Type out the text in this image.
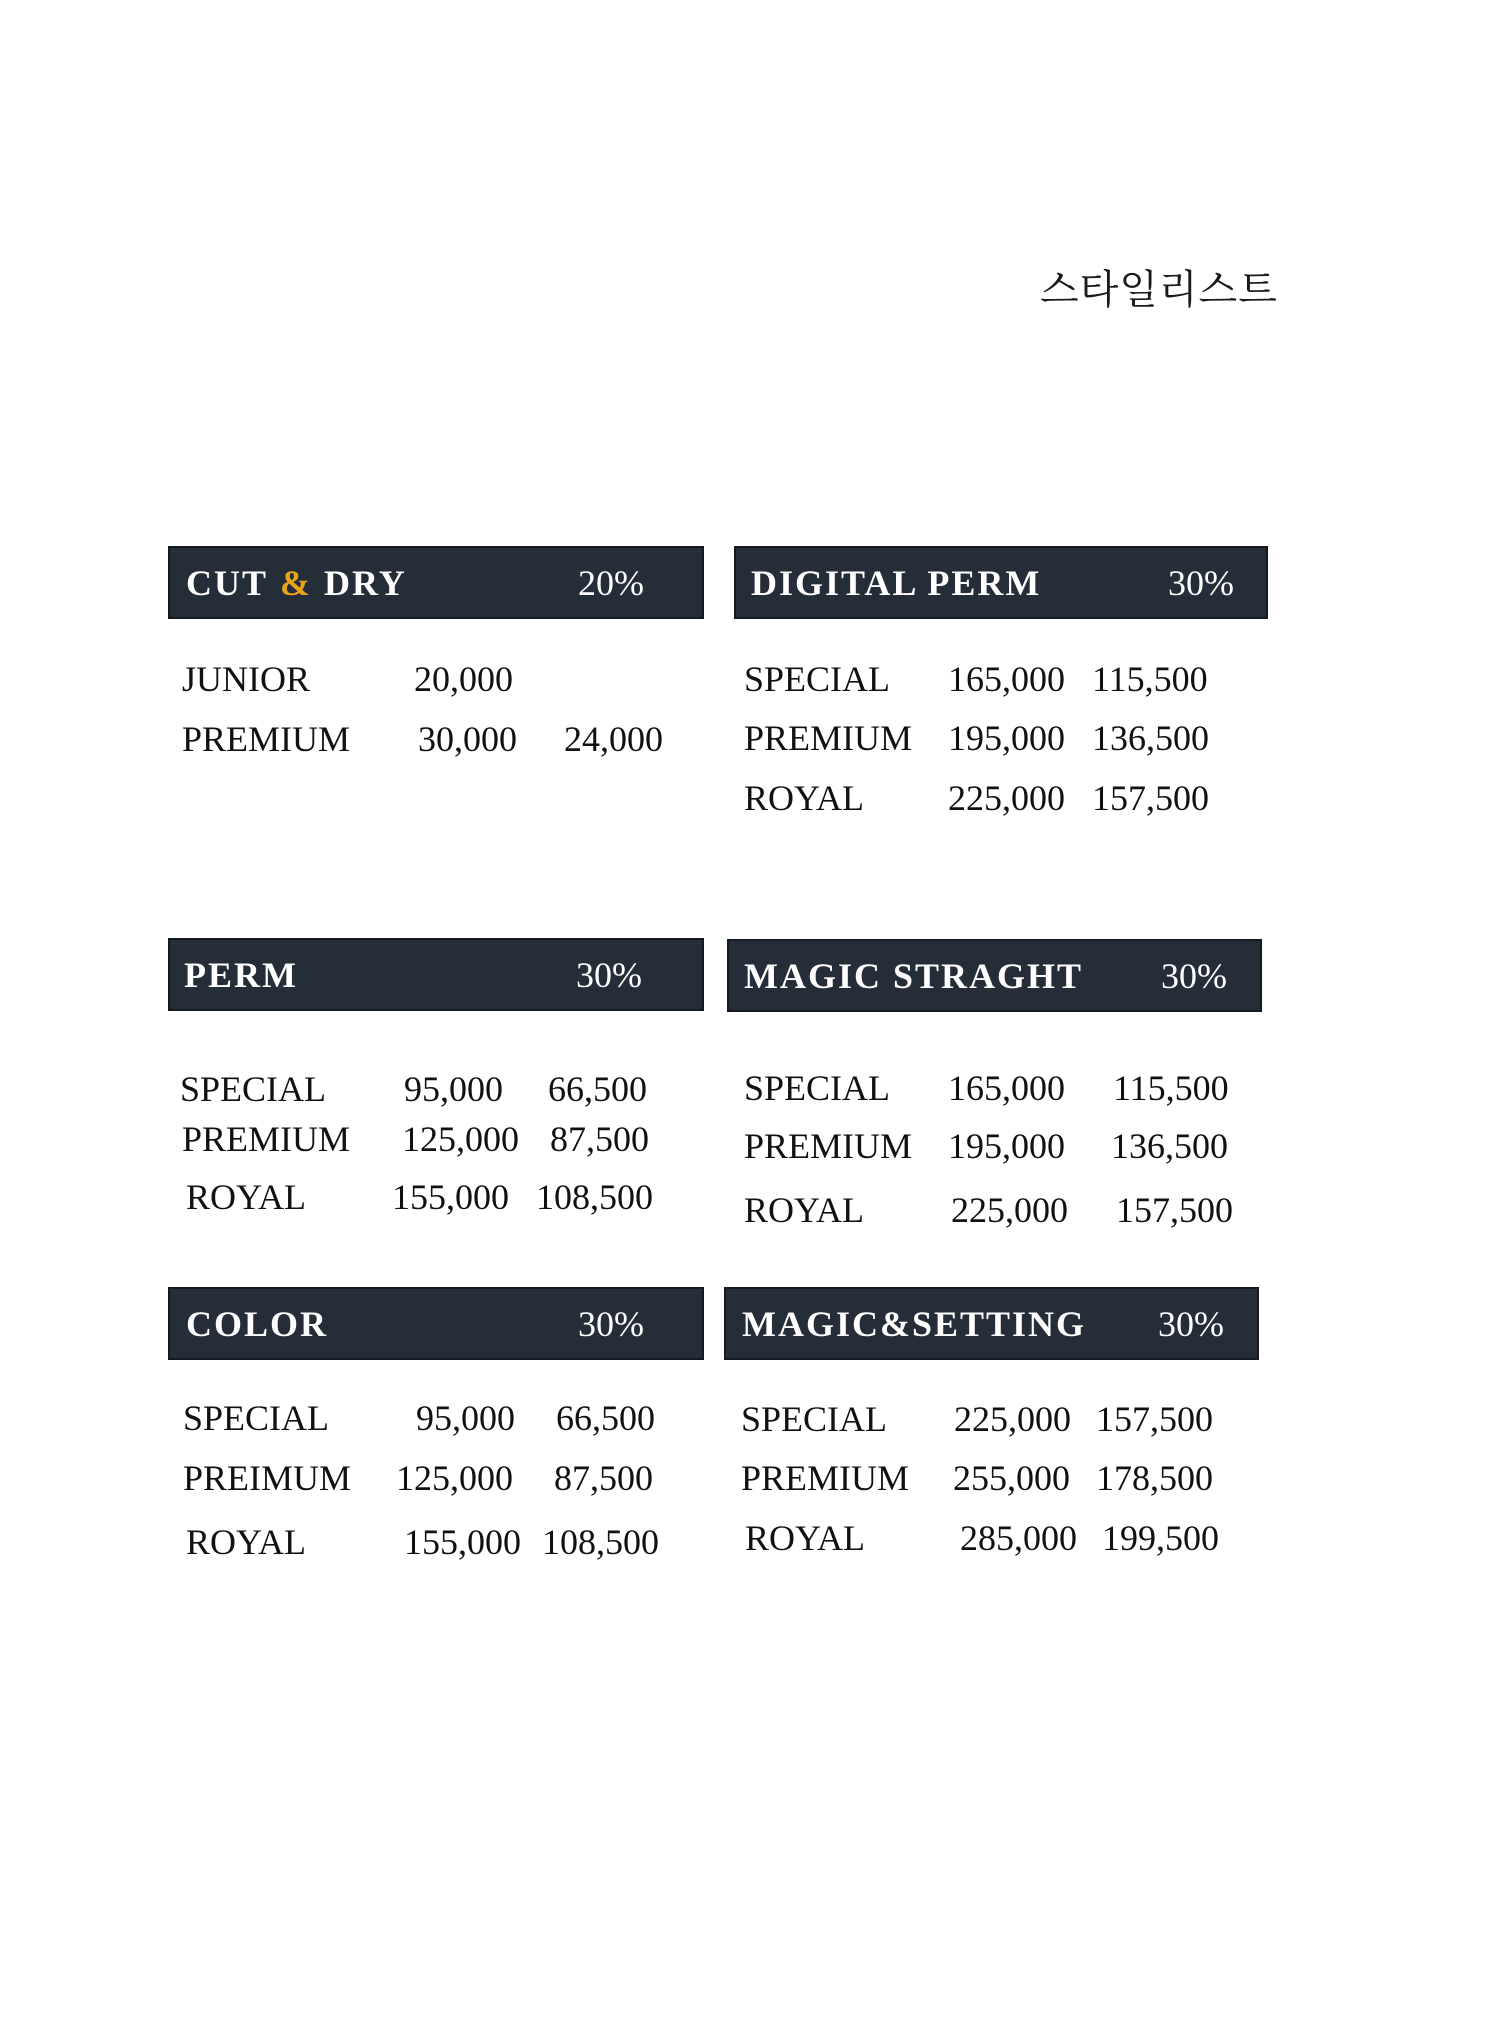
스타일리스트
CUT & DRY	20%
JUNIOR	20,000
PREMIUM 30,000 24,000
DIGITAL PERM	30%
SPECIAL 165,000 115,500
PREMIUM 195,000 136,500
ROYAL 225,000 157,500
PERM	30%
SPECIAL 95,000 66,500
PREMIUM 125,000 87,500
ROYAL 155,000 108,500
MAGIC STRAGHT 30%
SPECIAL 165,000 115,500
PREMIUM 195,000 136,500
ROYAL 225,000 157,500
COLOR	30%
SPECIAL 95,000 66,500
PREIMUM 125,000 87,500
ROYAL	155,000 108,500
MAGIC&SETTING 30%
SPECIAL 225,000 157,500
PREMIUM 255,000 178,500
ROYAL	285,000 199,500
